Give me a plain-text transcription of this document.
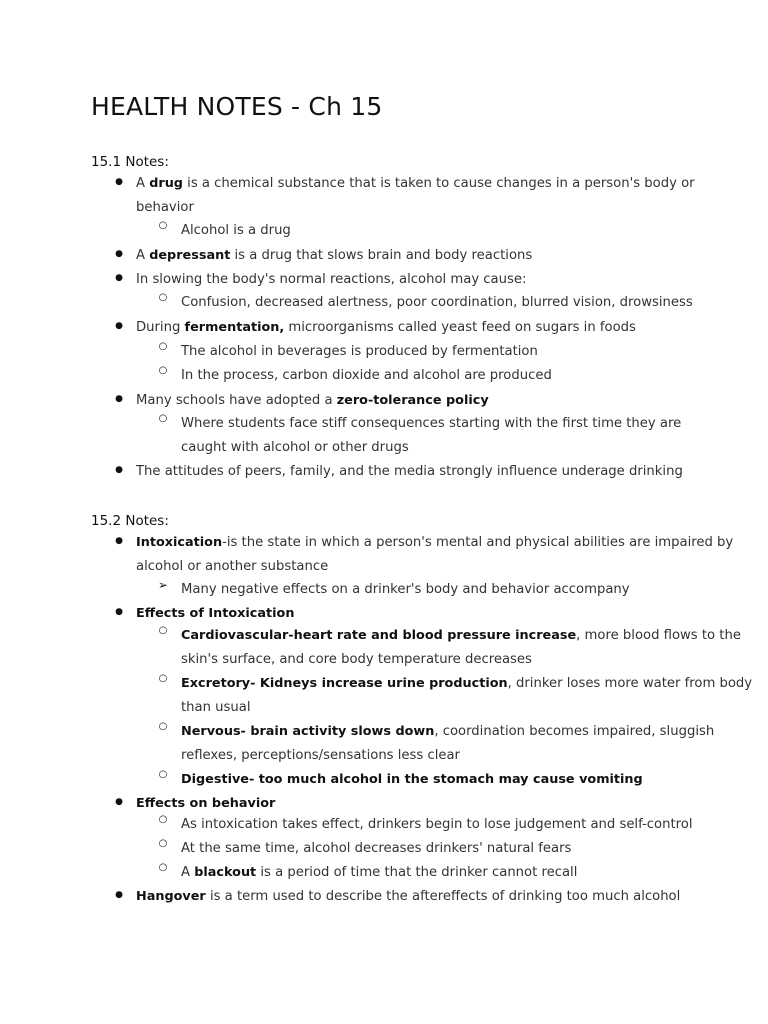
HEALTH NOTES - Ch 15
15.1 Notes:
● A drug is a chemical substance that is taken to cause changes in a person's body or
behavior
○ Alcohol is a drug
● A depressant is a drug that slows brain and body reactions
● In slowing the body's normal reactions, alcohol may cause:
○ Confusion, decreased alertness, poor coordination, blurred vision, drowsiness
● During fermentation, microorganisms called yeast feed on sugars in foods
○ The alcohol in beverages is produced by fermentation
○ In the process, carbon dioxide and alcohol are produced
● Many schools have adopted a zero-tolerance policy
○ Where students face stiff consequences starting with the first time they are
caught with alcohol or other drugs
● The attitudes of peers, family, and the media strongly influence underage drinking
15.2 Notes:
● Intoxication-is the state in which a person's mental and physical abilities are impaired by
alcohol or another substance
➢ Many negative effects on a drinker's body and behavior accompany
● Effects of Intoxication
○ Cardiovascular-heart rate and blood pressure increase, more blood flows to the
skin's surface, and core body temperature decreases
○ Excretory- Kidneys increase urine production, drinker loses more water from body
than usual
○ Nervous- brain activity slows down, coordination becomes impaired, sluggish
reflexes, perceptions/sensations less clear
○ Digestive- too much alcohol in the stomach may cause vomiting
● Effects on behavior
○ As intoxication takes effect, drinkers begin to lose judgement and self-control
○ At the same time, alcohol decreases drinkers' natural fears
○ A blackout is a period of time that the drinker cannot recall
● Hangover is a term used to describe the aftereffects of drinking too much alcohol
